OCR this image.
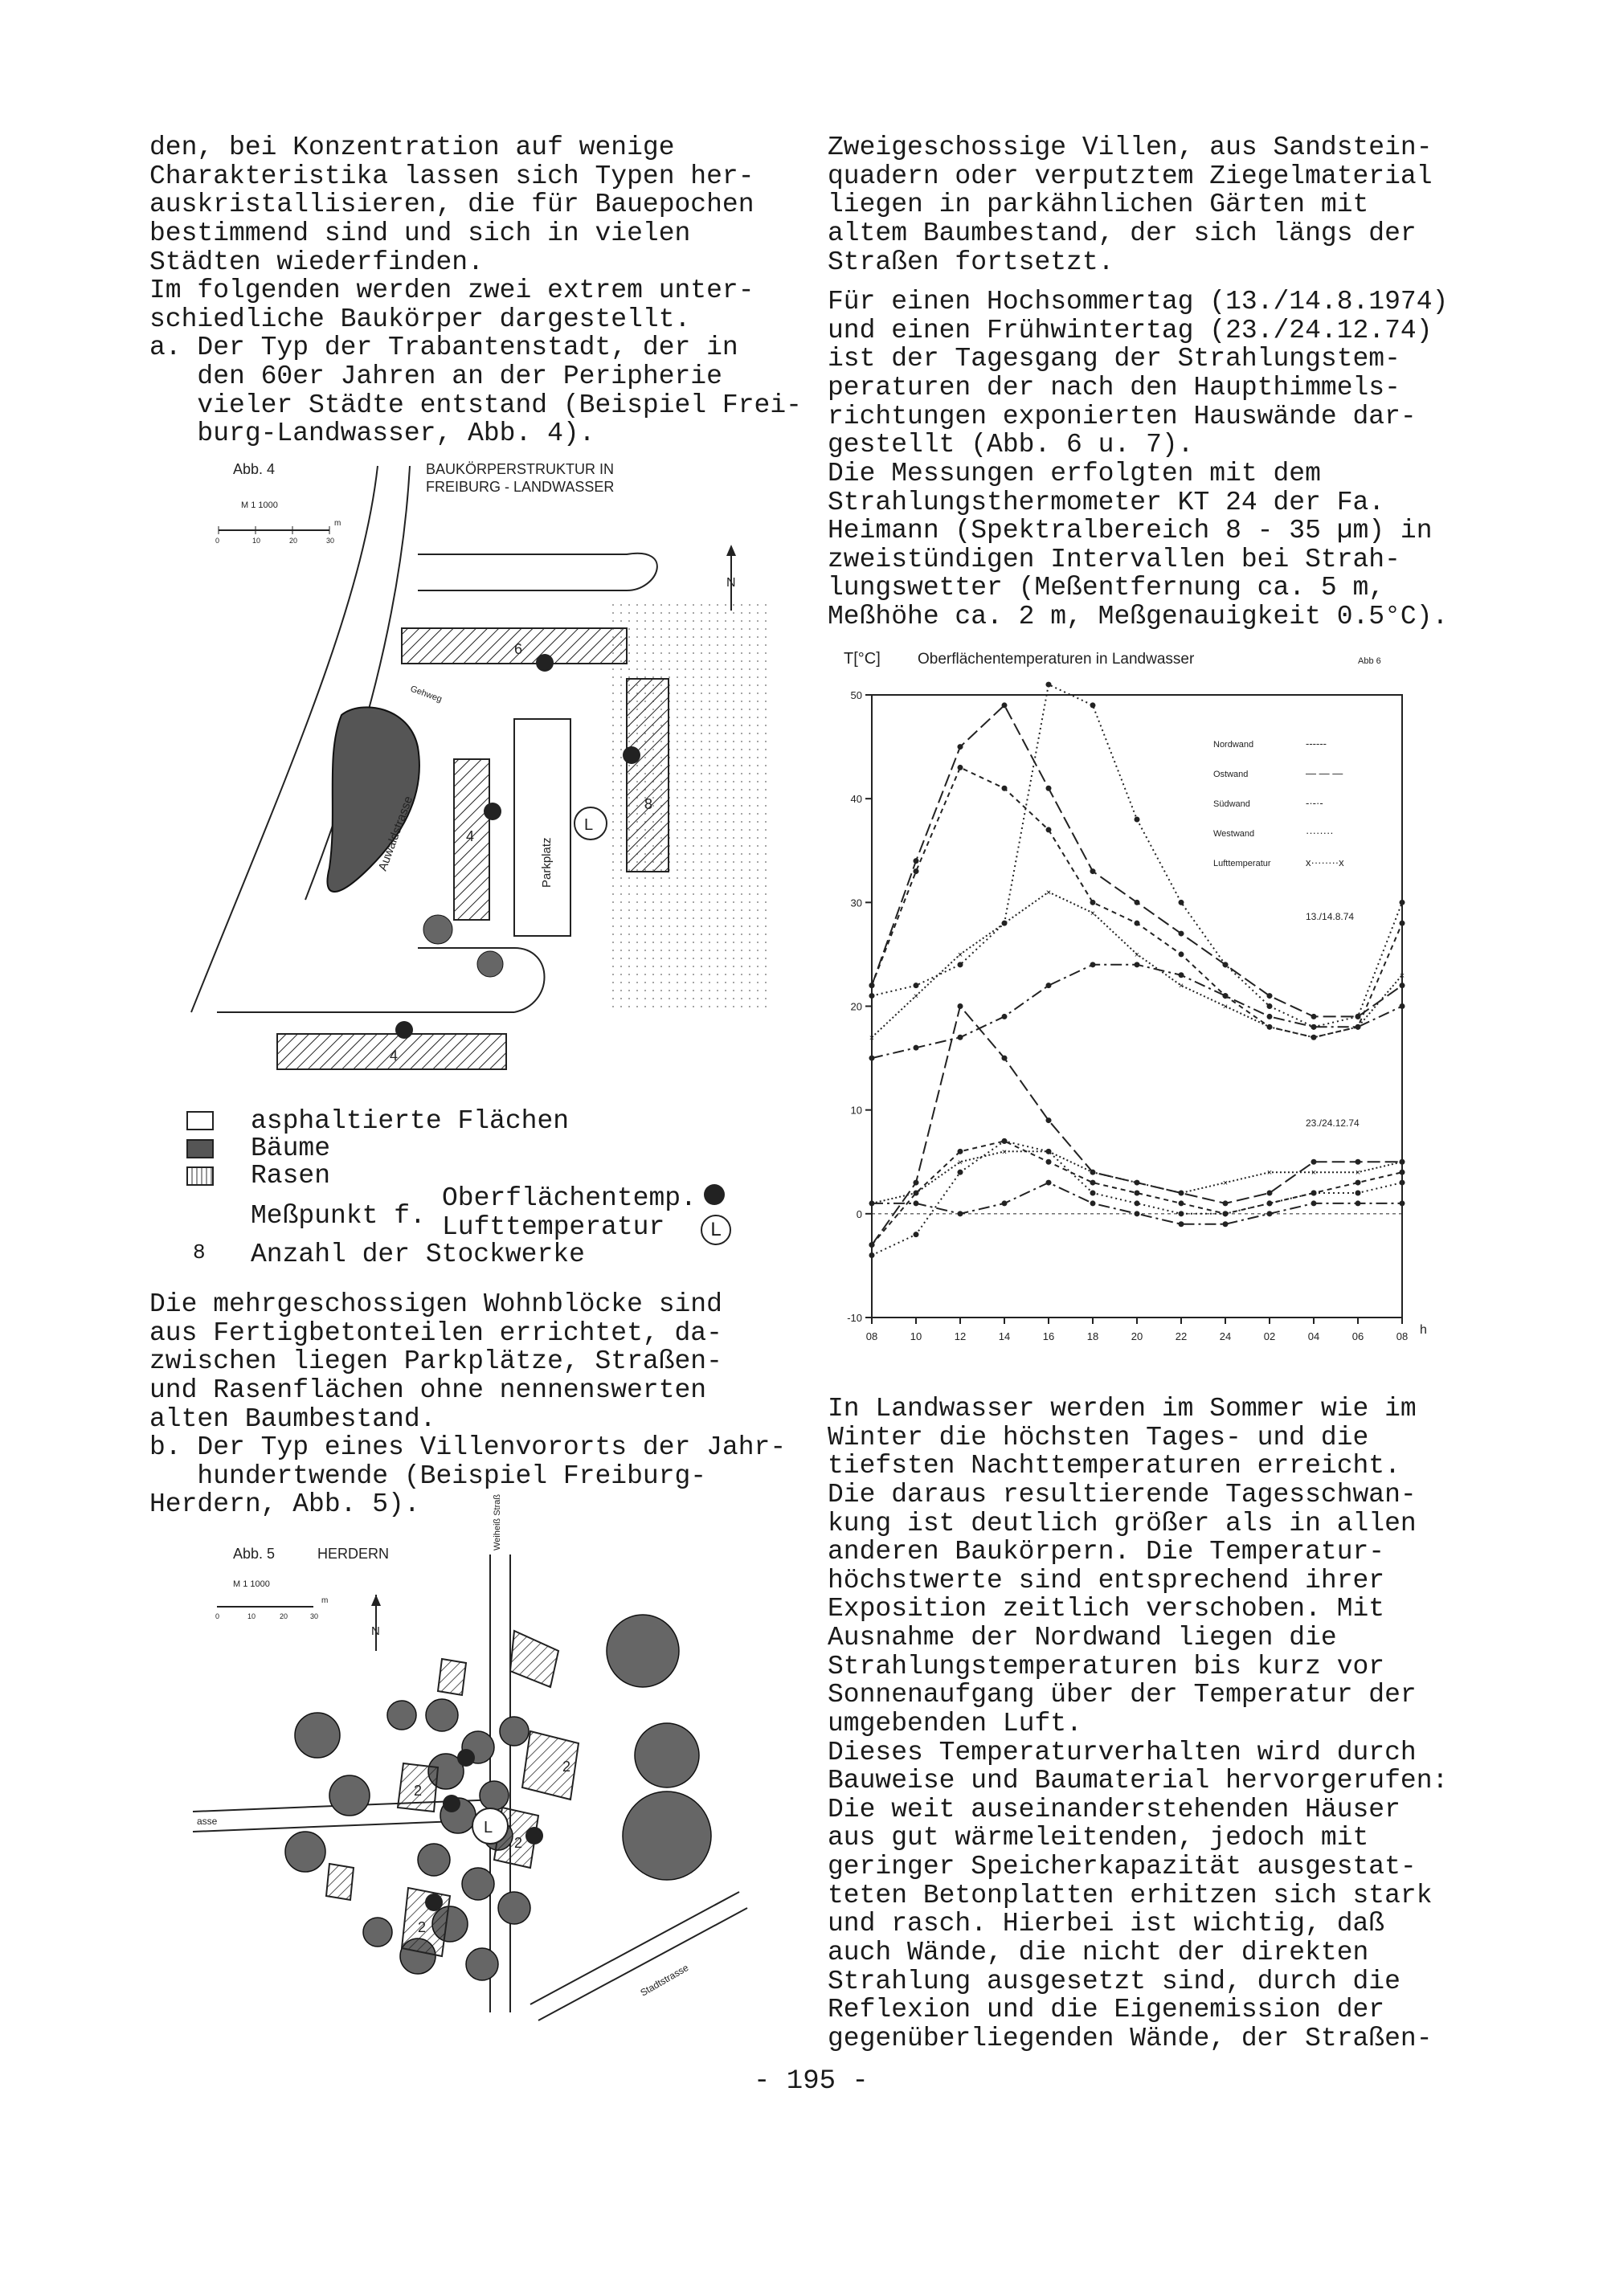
den, bei Konzentration auf wenige

Charakteristika lassen sich Typen her-

auskristallisieren, die für Bauepochen

bestimmend sind und sich in vielen

Städten wiederfinden.

Im folgenden werden zwei extrem unter-

schiedliche Baukörper dargestellt.

a. Der Typ der Trabantenstadt, der in

den 60er Jahren an der Peripherie

vieler Städte entstand (Beispiel Frei-

burg-Landwasser, Abb. 4).

Abb. 4	BAUKÖRPERSTRUKTUR IN
FREIBURG - LANDWASSER
M 1 1000
0	10	20	30
m
6
8
4
4
Parkplatz
Auwaldstrasse
Gehweg
L
N
asphaltierte Flächen
Bäume
Rasen
Meßpunkt f.
Oberflächentemp.
Lufttemperatur	L
8 Anzahl der Stockwerke

Die mehrgeschossigen Wohnblöcke sind

aus Fertigbetonteilen errichtet, da-

zwischen liegen Parkplätze, Straßen-

und Rasenflächen ohne nennenswerten

alten Baumbestand.

b. Der Typ eines Villenvororts der Jahr-

hundertwende (Beispiel Freiburg-

Herdern, Abb. 5).

Abb. 5	HERDERN
M 1 1000
0	10	20	30
m
N
Weiheiß Straß
asse
Stadtstrasse
2
2
2
2
L

Zweigeschossige Villen, aus Sandstein-

quadern oder verputztem Ziegelmaterial

liegen in parkähnlichen Gärten mit

altem Baumbestand, der sich längs der

Straßen fortsetzt.

Für einen Hochsommertag (13./14.8.1974)

und einen Frühwintertag (23./24.12.74)

ist der Tagesgang der Strahlungstem-

peraturen der nach den Haupthimmels-

richtungen exponierten Hauswände dar-

gestellt (Abb. 6 u. 7).

Die Messungen erfolgten mit dem

Strahlungsthermometer KT 24 der Fa.

Heimann (Spektralbereich 8 - 35 µm) in

zweistündigen Intervallen bei Strah-

lungswetter (Meßentfernung ca. 5 m,

Meßhöhe ca. 2 m, Meßgenauigkeit 0.5°C).

T[°C] Oberflächentemperaturen in Landwasser	Abb 6
h
-10
0
10
20
30
40
50
08	10	12	14	16	18	20	22	24	02	04	06	08
×
×
×
×
×
×
×
×
×
×
×
×
×
×
×
×
×	×
×
×
×
×
×	×	×
×
Nordwand	------
Ostwand	— — —
Südwand	-·-·-
Westwand	········
Lufttemperatur	x········x
13./14.8.74
23./24.12.74

In Landwasser werden im Sommer wie im

Winter die höchsten Tages- und die

tiefsten Nachttemperaturen erreicht.

Die daraus resultierende Tagesschwan-

kung ist deutlich größer als in allen

anderen Baukörpern. Die Temperatur-

höchstwerte sind entsprechend ihrer

Exposition zeitlich verschoben. Mit

Ausnahme der Nordwand liegen die

Strahlungstemperaturen bis kurz vor

Sonnenaufgang über der Temperatur der

umgebenden Luft.

Dieses Temperaturverhalten wird durch

Bauweise und Baumaterial hervorgerufen:

Die weit auseinanderstehenden Häuser

aus gut wärmeleitenden, jedoch mit

geringer Speicherkapazität ausgestat-

teten Betonplatten erhitzen sich stark

und rasch. Hierbei ist wichtig, daß

auch Wände, die nicht der direkten

Strahlung ausgesetzt sind, durch die

Reflexion und die Eigenemission der

gegenüberliegenden Wände, der Straßen-

- 195 -
